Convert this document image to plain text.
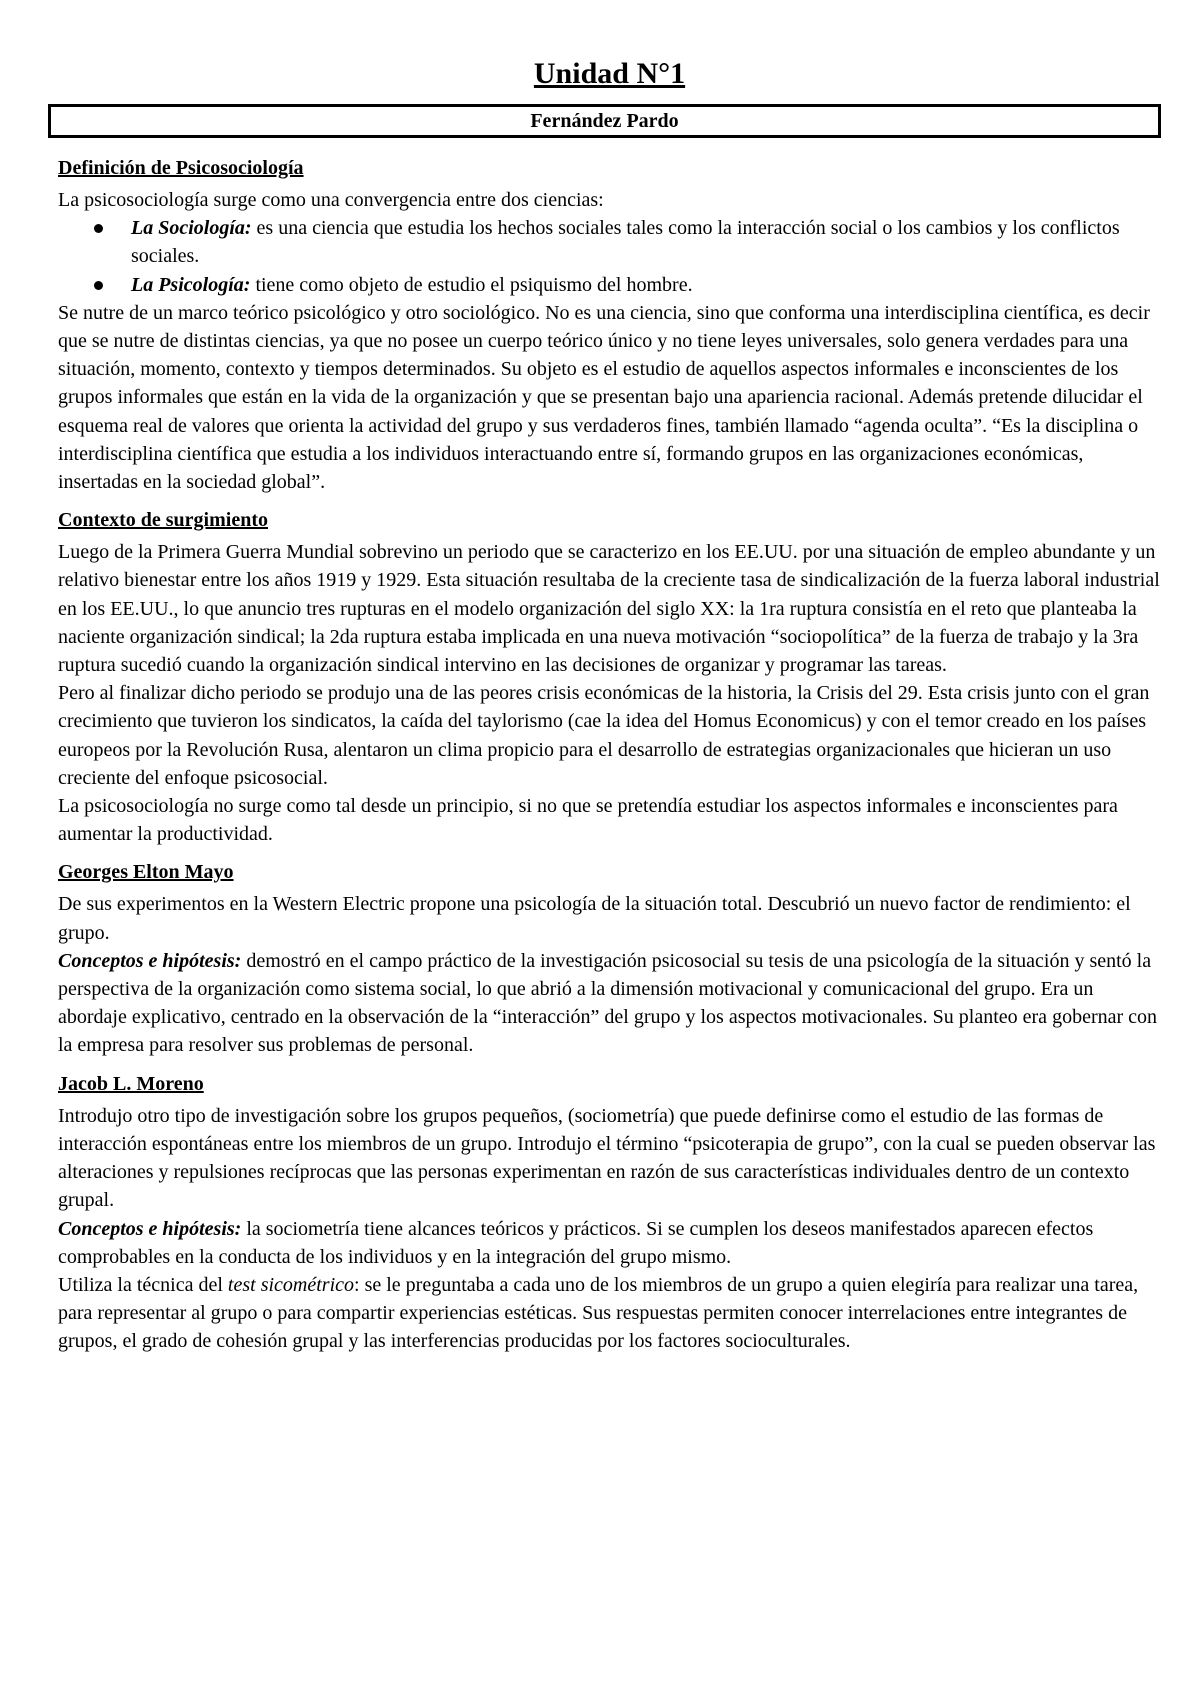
Unidad N°1
Fernández Pardo
Definición de Psicosociología

La psicosociología surge como una convergencia entre dos ciencias:

La Sociología: es una ciencia que estudia los hechos sociales tales como la interacción social o los cambios y los conflictos sociales.
La Psicología: tiene como objeto de estudio el psiquismo del hombre.

Se nutre de un marco teórico psicológico y otro sociológico. No es una ciencia, sino que conforma una interdisciplina científica, es decir que se nutre de distintas ciencias, ya que no posee un cuerpo teórico único y no tiene leyes universales, solo genera verdades para una situación, momento, contexto y tiempos determinados. Su objeto es el estudio de aquellos aspectos informales e inconscientes de los grupos informales que están en la vida de la organización y que se presentan bajo una apariencia racional. Además pretende dilucidar el esquema real de valores que orienta la actividad del grupo y sus verdaderos fines, también llamado “agenda oculta”. “Es la disciplina o interdisciplina científica que estudia a los individuos interactuando entre sí, formando grupos en las organizaciones económicas, insertadas en la sociedad global”.

Contexto de surgimiento

Luego de la Primera Guerra Mundial sobrevino un periodo que se caracterizo en los EE.UU. por una situación de empleo abundante y un relativo bienestar entre los años 1919 y 1929. Esta situación resultaba de la creciente tasa de sindicalización de la fuerza laboral industrial en los EE.UU., lo que anuncio tres rupturas en el modelo organización del siglo XX: la 1ra ruptura consistía en el reto que planteaba la naciente organización sindical; la 2da ruptura estaba implicada en una nueva motivación “sociopolítica” de la fuerza de trabajo y la 3ra ruptura sucedió cuando la organización sindical intervino en las decisiones de organizar y programar las tareas.

Pero al finalizar dicho periodo se produjo una de las peores crisis económicas de la historia, la Crisis del 29. Esta crisis junto con el gran crecimiento que tuvieron los sindicatos, la caída del taylorismo (cae la idea del Homus Economicus) y con el temor creado en los países europeos por la Revolución Rusa, alentaron un clima propicio para el desarrollo de estrategias organizacionales que hicieran un uso creciente del enfoque psicosocial.

La psicosociología no surge como tal desde un principio, si no que se pretendía estudiar los aspectos informales e inconscientes para aumentar la productividad.

Georges Elton Mayo

De sus experimentos en la Western Electric propone una psicología de la situación total. Descubrió un nuevo factor de rendimiento: el grupo.

Conceptos e hipótesis: demostró en el campo práctico de la investigación psicosocial su tesis de una psicología de la situación y sentó la perspectiva de la organización como sistema social, lo que abrió a la dimensión motivacional y comunicacional del grupo. Era un abordaje explicativo, centrado en la observación de la “interacción” del grupo y los aspectos motivacionales. Su planteo era gobernar con la empresa para resolver sus problemas de personal.

Jacob L. Moreno

Introdujo otro tipo de investigación sobre los grupos pequeños, (sociometría) que puede definirse como el estudio de las formas de interacción espontáneas entre los miembros de un grupo. Introdujo el término “psicoterapia de grupo”, con la cual se pueden observar las alteraciones y repulsiones recíprocas que las personas experimentan en razón de sus características individuales dentro de un contexto grupal.

Conceptos e hipótesis: la sociometría tiene alcances teóricos y prácticos. Si se cumplen los deseos manifestados aparecen efectos comprobables en la conducta de los individuos y en la integración del grupo mismo.

Utiliza la técnica del test sicométrico: se le preguntaba a cada uno de los miembros de un grupo a quien elegiría para realizar una tarea, para representar al grupo o para compartir experiencias estéticas. Sus respuestas permiten conocer interrelaciones entre integrantes de grupos, el grado de cohesión grupal y las interferencias producidas por los factores socioculturales.
